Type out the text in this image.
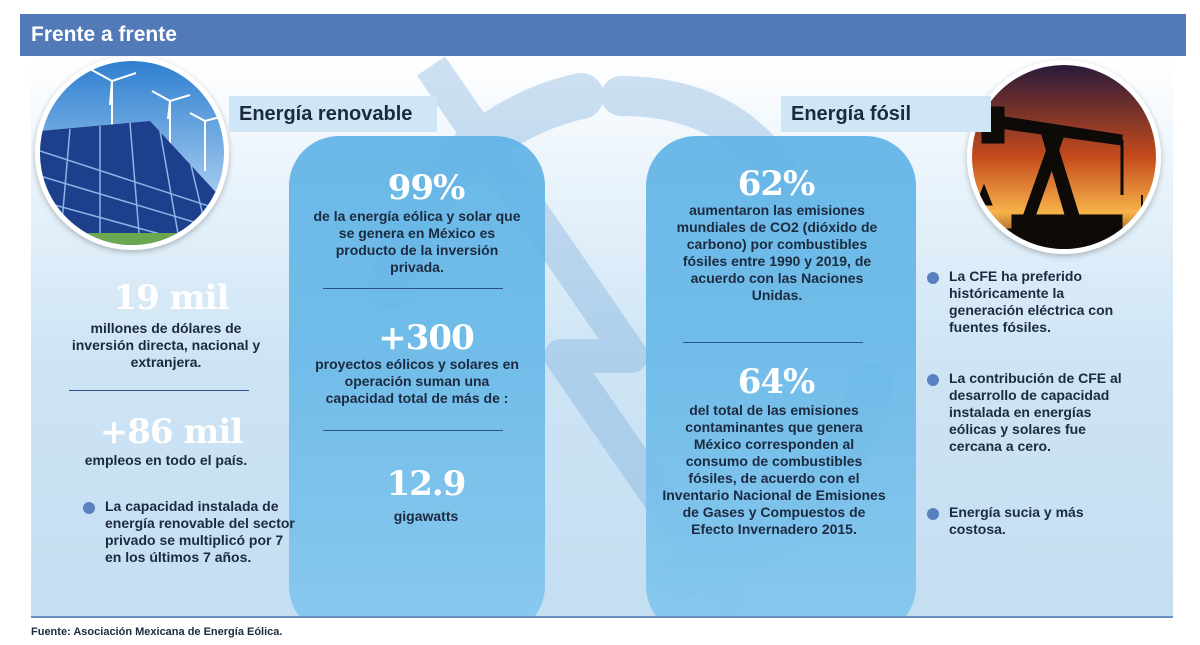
Frente a frente
Energía renovable	Energía fósil
19 mil
millones de dólares de inversión directa, nacional y extranjera.
+86 mil
empleos en todo el país.
La capacidad instalada de energía renovable del sector privado se multiplicó por 7 en los últimos 7 años.
99%
de la energía eólica y solar que se genera en México es producto de la inversión privada.
+300
proyectos eólicos y solares en operación suman una capacidad total de más de :
12.9
gigawatts
62%
aumentaron las emisiones mundiales de CO2 (dióxido de carbono) por combustibles fósiles entre 1990 y 2019, de acuerdo con las Naciones Unidas.
64%
del total de las emisiones contaminantes que genera México corresponden al consumo de combustibles fósiles, de acuerdo con el Inventario Nacional de Emisiones de Gases y Compuestos de Efecto Invernadero 2015.
La CFE ha preferido históricamente la generación eléctrica con fuentes fósiles.
La contribución de CFE al desarrollo de capacidad instalada en energías eólicas y solares fue cercana a cero.
Energía sucia y más costosa.
Fuente: Asociación Mexicana de Energía Eólica.
